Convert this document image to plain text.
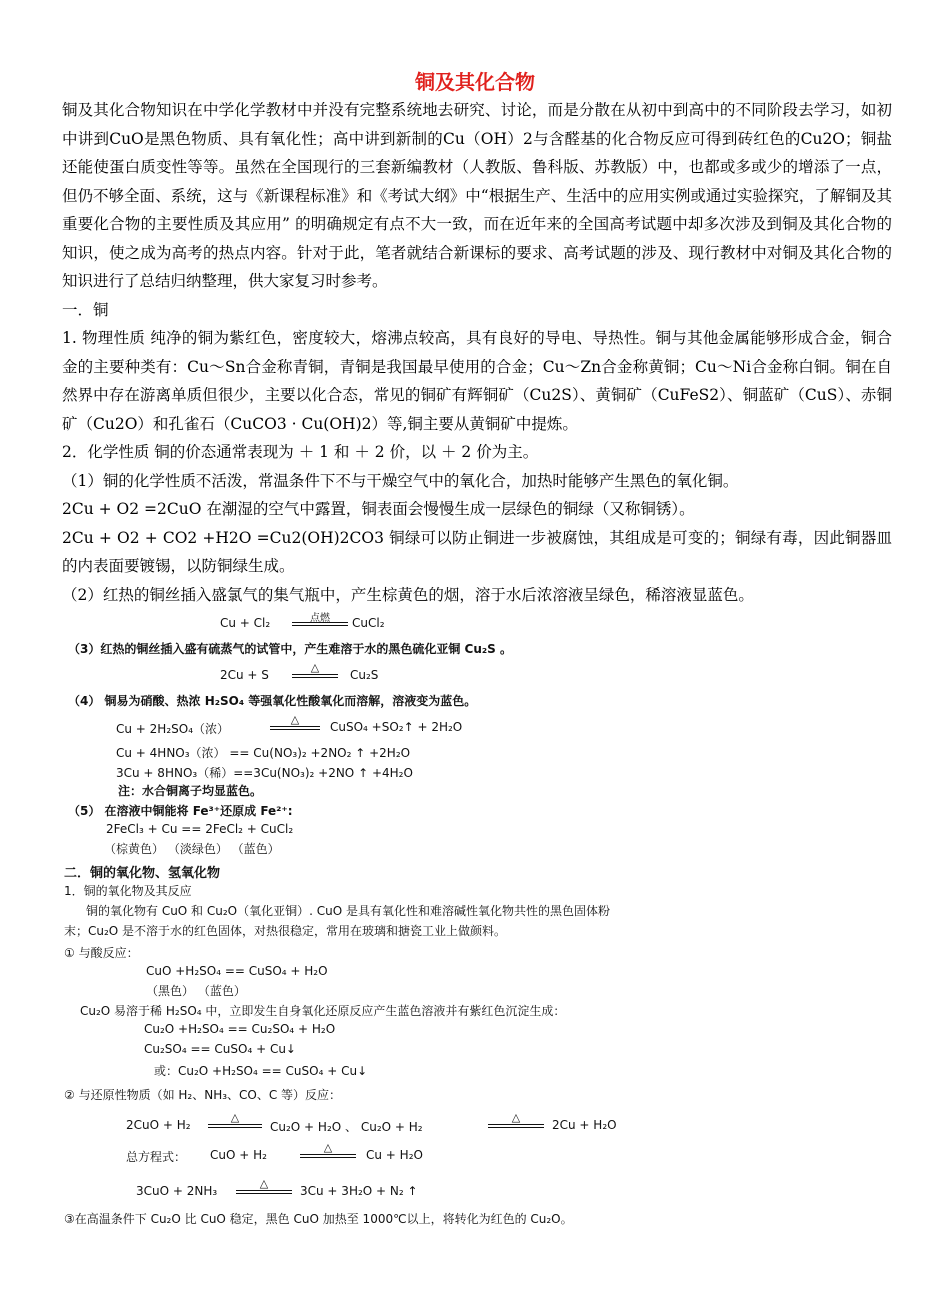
铜及其化合物

铜及其化合物知识在中学化学教材中并没有完整系统地去研究、讨论，而是分散在从初中到高中的不同阶段去学习，如初中讲到CuO是黑色物质、具有氧化性；高中讲到新制的Cu（OH）2与含醛基的化合物反应可得到砖红色的Cu2O；铜盐还能使蛋白质变性等等。虽然在全国现行的三套新编教材（人教版、鲁科版、苏教版）中，也都或多或少的增添了一点，但仍不够全面、系统，这与《新课程标准》和《考试大纲》中“根据生产、生活中的应用实例或通过实验探究，了解铜及其重要化合物的主要性质及其应用” 的明确规定有点不大一致，而在近年来的全国高考试题中却多次涉及到铜及其化合物的知识，使之成为高考的热点内容。针对于此，笔者就结合新课标的要求、高考试题的涉及、现行教材中对铜及其化合物的知识进行了总结归纳整理，供大家复习时参考。

一．铜

1. 物理性质 纯净的铜为紫红色，密度较大，熔沸点较高，具有良好的导电、导热性。铜与其他金属能够形成合金，铜合金的主要种类有：Cu～Sn合金称青铜，青铜是我国最早使用的合金；Cu～Zn合金称黄铜；Cu～Ni合金称白铜。铜在自然界中存在游离单质但很少，主要以化合态，常见的铜矿有辉铜矿（Cu2S）、黄铜矿（CuFeS2）、铜蓝矿（CuS）、赤铜矿（Cu2O）和孔雀石（CuCO3 · Cu(OH)2）等,铜主要从黄铜矿中提炼。

2．化学性质 铜的价态通常表现为 ＋ 1 和 ＋ 2 价，以 ＋ 2 价为主。

（1）铜的化学性质不活泼，常温条件下不与干燥空气中的氧化合，加热时能够产生黑色的氧化铜。

2Cu + O2 =2CuO 在潮湿的空气中露置，铜表面会慢慢生成一层绿色的铜绿（又称铜锈）。

2Cu + O2 + CO2 +H2O =Cu2(OH)2CO3 铜绿可以防止铜进一步被腐蚀，其组成是可变的；铜绿有毒，因此铜器皿的内表面要镀锡，以防铜绿生成。

（2）红热的铜丝插入盛氯气的集气瓶中，产生棕黄色的烟，溶于水后浓溶液呈绿色，稀溶液显蓝色。

Cu + Cl₂	点燃 CuCl₂
（3）红热的铜丝插入盛有硫蒸气的试管中，产生难溶于水的黑色硫化亚铜 Cu₂S 。
2Cu + S
△
Cu₂S
（4） 铜易为硝酸、热浓 H₂SO₄ 等强氧化性酸氧化而溶解，溶液变为蓝色。
Cu + 2H₂SO₄（浓）
△
CuSO₄ +SO₂↑ + 2H₂O
Cu + 4HNO₃（浓） == Cu(NO₃)₂ +2NO₂ ↑ +2H₂O
3Cu + 8HNO₃（稀）==3Cu(NO₃)₂ +2NO ↑ +4H₂O
注：水合铜离子均显蓝色。
（5） 在溶液中铜能将 Fe³⁺还原成 Fe²⁺:
2FeCl₃ + Cu == 2FeCl₂ + CuCl₂
（棕黄色） （淡绿色） （蓝色）
二．铜的氧化物、氢氧化物
1．铜的氧化物及其反应
铜的氧化物有 CuO 和 Cu₂O（氧化亚铜）. CuO 是具有氧化性和难溶碱性氧化物共性的黑色固体粉
末；Cu₂O 是不溶于水的红色固体，对热很稳定，常用在玻璃和搪瓷工业上做颜料。
① 与酸反应：
CuO +H₂SO₄ == CuSO₄ + H₂O
（黑色） （蓝色）
Cu₂O 易溶于稀 H₂SO₄ 中，立即发生自身氧化还原反应产生蓝色溶液并有紫红色沉淀生成：
Cu₂O +H₂SO₄ == Cu₂SO₄ + H₂O
Cu₂SO₄ == CuSO₄ + Cu↓
或：Cu₂O +H₂SO₄ == CuSO₄ + Cu↓
② 与还原性物质（如 H₂、NH₃、CO、C 等）反应：
2CuO + H₂
△
Cu₂O + H₂O 、 Cu₂O + H₂
△
2Cu + H₂O
总方程式： CuO + H₂
△
Cu + H₂O
3CuO + 2NH₃
△
3Cu + 3H₂O + N₂ ↑
③在高温条件下 Cu₂O 比 CuO 稳定，黑色 CuO 加热至 1000℃以上，将转化为红色的 Cu₂O。
